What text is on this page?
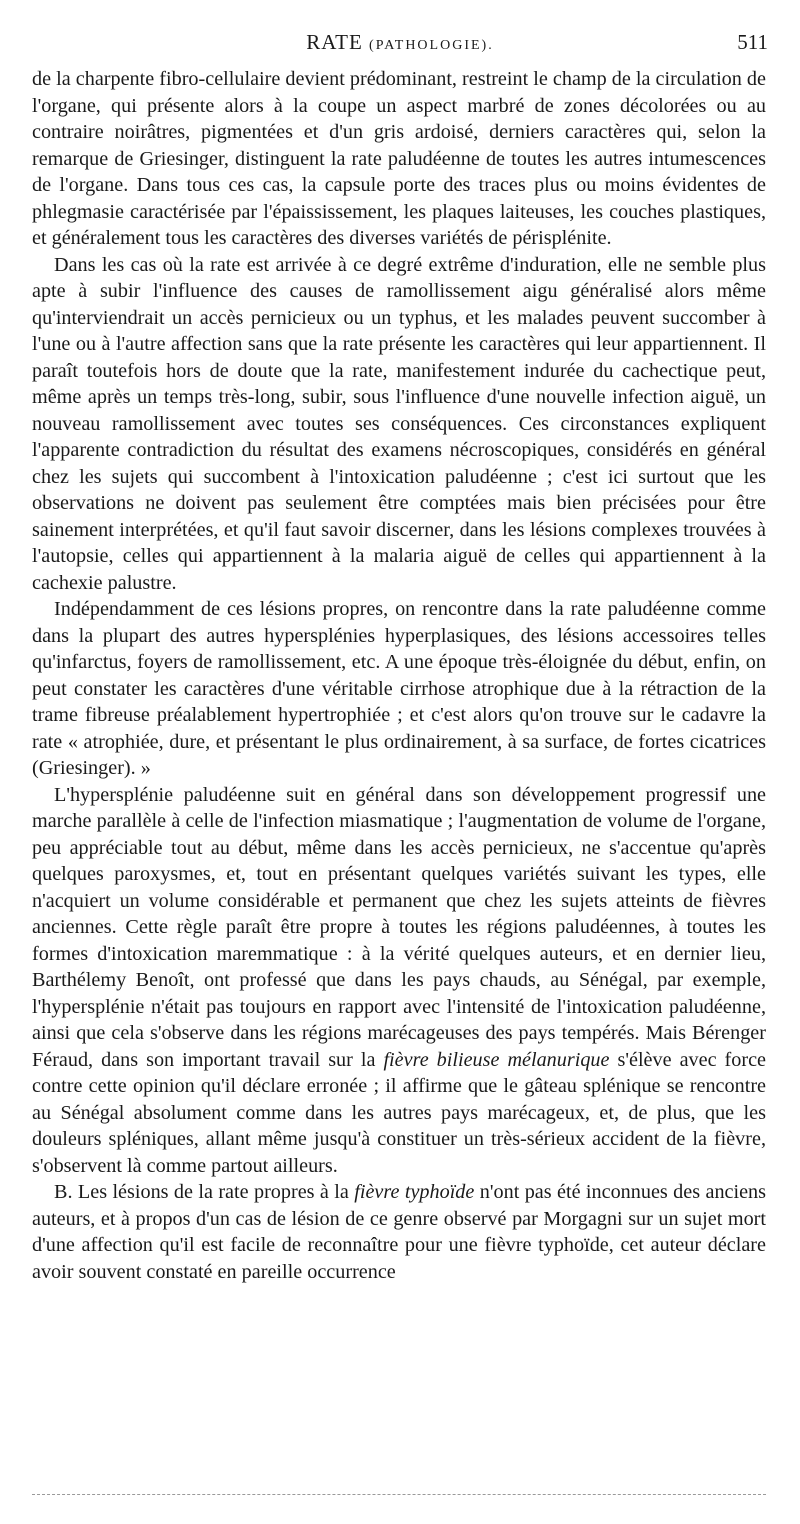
RATE (PATHOLOGIE).	511

de la charpente fibro-cellulaire devient prédominant, restreint le champ de la circulation de l'organe, qui présente alors à la coupe un aspect marbré de zones décolorées ou au contraire noirâtres, pigmentées et d'un gris ardoisé, derniers caractères qui, selon la remarque de Griesinger, distinguent la rate paludéenne de toutes les autres intumescences de l'organe. Dans tous ces cas, la capsule porte des traces plus ou moins évidentes de phlegmasie caractérisée par l'épaississement, les plaques laiteuses, les couches plastiques, et généralement tous les caractères des diverses variétés de périsplénite.

Dans les cas où la rate est arrivée à ce degré extrême d'induration, elle ne semble plus apte à subir l'influence des causes de ramollissement aigu généralisé alors même qu'interviendrait un accès pernicieux ou un typhus, et les malades peuvent succomber à l'une ou à l'autre affection sans que la rate présente les caractères qui leur appartiennent. Il paraît toutefois hors de doute que la rate, manifestement indurée du cachectique peut, même après un temps très-long, subir, sous l'influence d'une nouvelle infection aiguë, un nouveau ramollissement avec toutes ses conséquences. Ces circonstances expliquent l'apparente contradiction du résultat des examens nécroscopiques, considérés en général chez les sujets qui succombent à l'intoxication paludéenne ; c'est ici surtout que les observations ne doivent pas seulement être comptées mais bien précisées pour être sainement interprétées, et qu'il faut savoir discerner, dans les lésions complexes trouvées à l'autopsie, celles qui appartiennent à la malaria aiguë de celles qui appartiennent à la cachexie palustre.

Indépendamment de ces lésions propres, on rencontre dans la rate paludéenne comme dans la plupart des autres hypersplénies hyperplasiques, des lésions accessoires telles qu'infarctus, foyers de ramollissement, etc. A une époque très-éloignée du début, enfin, on peut constater les caractères d'une véritable cirrhose atrophique due à la rétraction de la trame fibreuse préalablement hypertrophiée ; et c'est alors qu'on trouve sur le cadavre la rate « atrophiée, dure, et présentant le plus ordinairement, à sa surface, de fortes cicatrices (Griesinger). »

L'hypersplénie paludéenne suit en général dans son développement progressif une marche parallèle à celle de l'infection miasmatique ; l'augmentation de volume de l'organe, peu appréciable tout au début, même dans les accès pernicieux, ne s'accentue qu'après quelques paroxysmes, et, tout en présentant quelques variétés suivant les types, elle n'acquiert un volume considérable et permanent que chez les sujets atteints de fièvres anciennes. Cette règle paraît être propre à toutes les régions paludéennes, à toutes les formes d'intoxication maremmatique : à la vérité quelques auteurs, et en dernier lieu, Barthélemy Benoît, ont professé que dans les pays chauds, au Sénégal, par exemple, l'hypersplénie n'était pas toujours en rapport avec l'intensité de l'intoxication paludéenne, ainsi que cela s'observe dans les régions marécageuses des pays tempérés. Mais Bérenger Féraud, dans son important travail sur la fièvre bilieuse mélanurique s'élève avec force contre cette opinion qu'il déclare erronée ; il affirme que le gâteau splénique se rencontre au Sénégal absolument comme dans les autres pays marécageux, et, de plus, que les douleurs spléniques, allant même jusqu'à constituer un très-sérieux accident de la fièvre, s'observent là comme partout ailleurs.

B. Les lésions de la rate propres à la fièvre typhoïde n'ont pas été inconnues des anciens auteurs, et à propos d'un cas de lésion de ce genre observé par Morgagni sur un sujet mort d'une affection qu'il est facile de reconnaître pour une fièvre typhoïde, cet auteur déclare avoir souvent constaté en pareille occurrence
